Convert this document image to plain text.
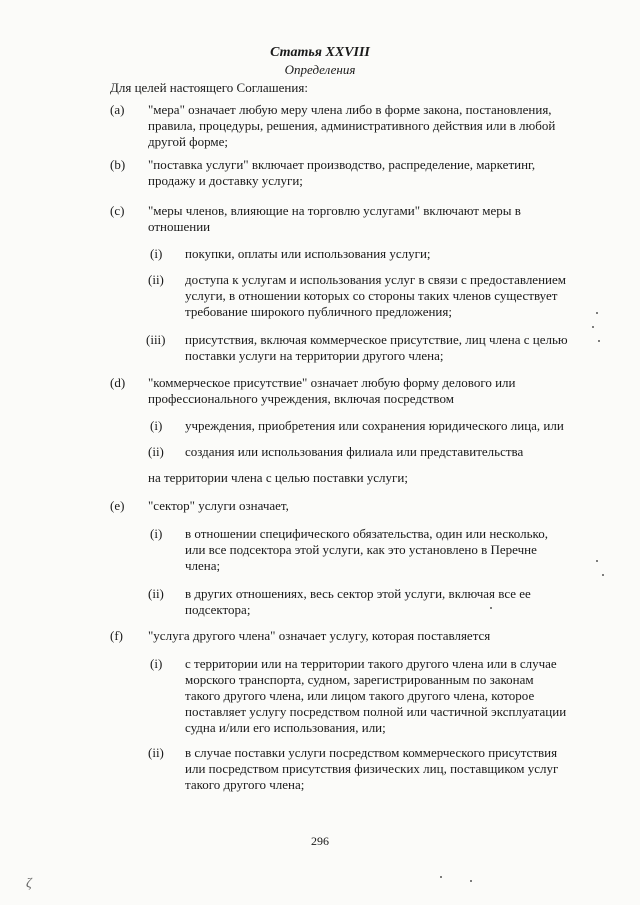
Статья XXVIII
Определения
Для целей настоящего Соглашения:
(a) "мера" означает любую меру члена либо в форме закона, постановления,
правила, процедуры, решения, административного действия или в любой
другой форме;
(b) "поставка услуги" включает производство, распределение, маркетинг,
продажу и доставку услуги;
(c) "меры членов, влияющие на торговлю услугами" включают меры в
отношении
(i) покупки, оплаты или использования услуги;
(ii) доступа к услугам и использования услуг в связи с предоставлением
услуги, в отношении которых со стороны таких членов существует
требование широкого публичного предложения;
(iii) присутствия, включая коммерческое присутствие, лиц члена с целью
поставки услуги на территории другого члена;
(d) "коммерческое присутствие" означает любую форму делового или
профессионального учреждения, включая посредством
(i) учреждения, приобретения или сохранения юридического лица, или
(ii) создания или использования филиала или представительства
на территории члена с целью поставки услуги;
(e) "сектор" услуги означает,
(i) в отношении специфического обязательства, один или несколько,
или все подсектора этой услуги, как это установлено в Перечне
члена;
(ii) в других отношениях, весь сектор этой услуги, включая все ее
подсектора;
(f) "услуга другого члена" означает услугу, которая поставляется
(i) с территории или на территории такого другого члена или в случае
морского транспорта, судном, зарегистрированным по законам
такого другого члена, или лицом такого другого члена, которое
поставляет услугу посредством полной или частичной эксплуатации
судна и/или его использования, или;
(ii) в случае поставки услуги посредством коммерческого присутствия
или посредством присутствия физических лиц, поставщиком услуг
такого другого члена;
296
ζ
